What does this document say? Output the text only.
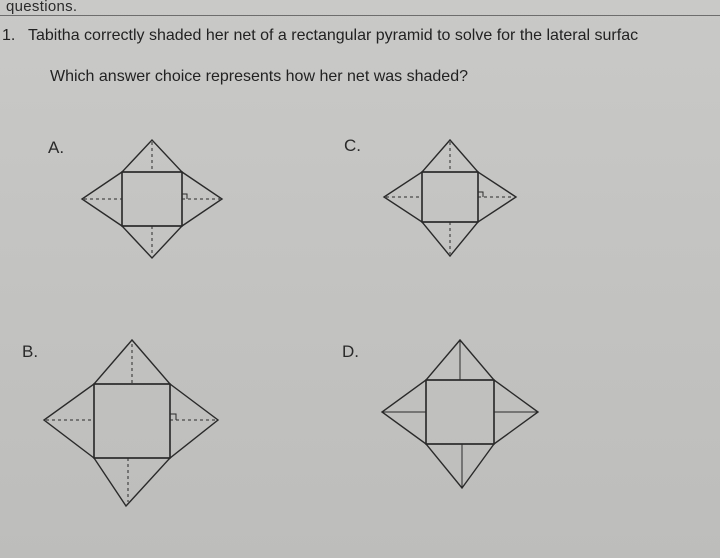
questions.
1. Tabitha correctly shaded her net of a rectangular pyramid to solve for the lateral surfac
Which answer choice represents how her net was shaded?
A.	C.
B.	D.
